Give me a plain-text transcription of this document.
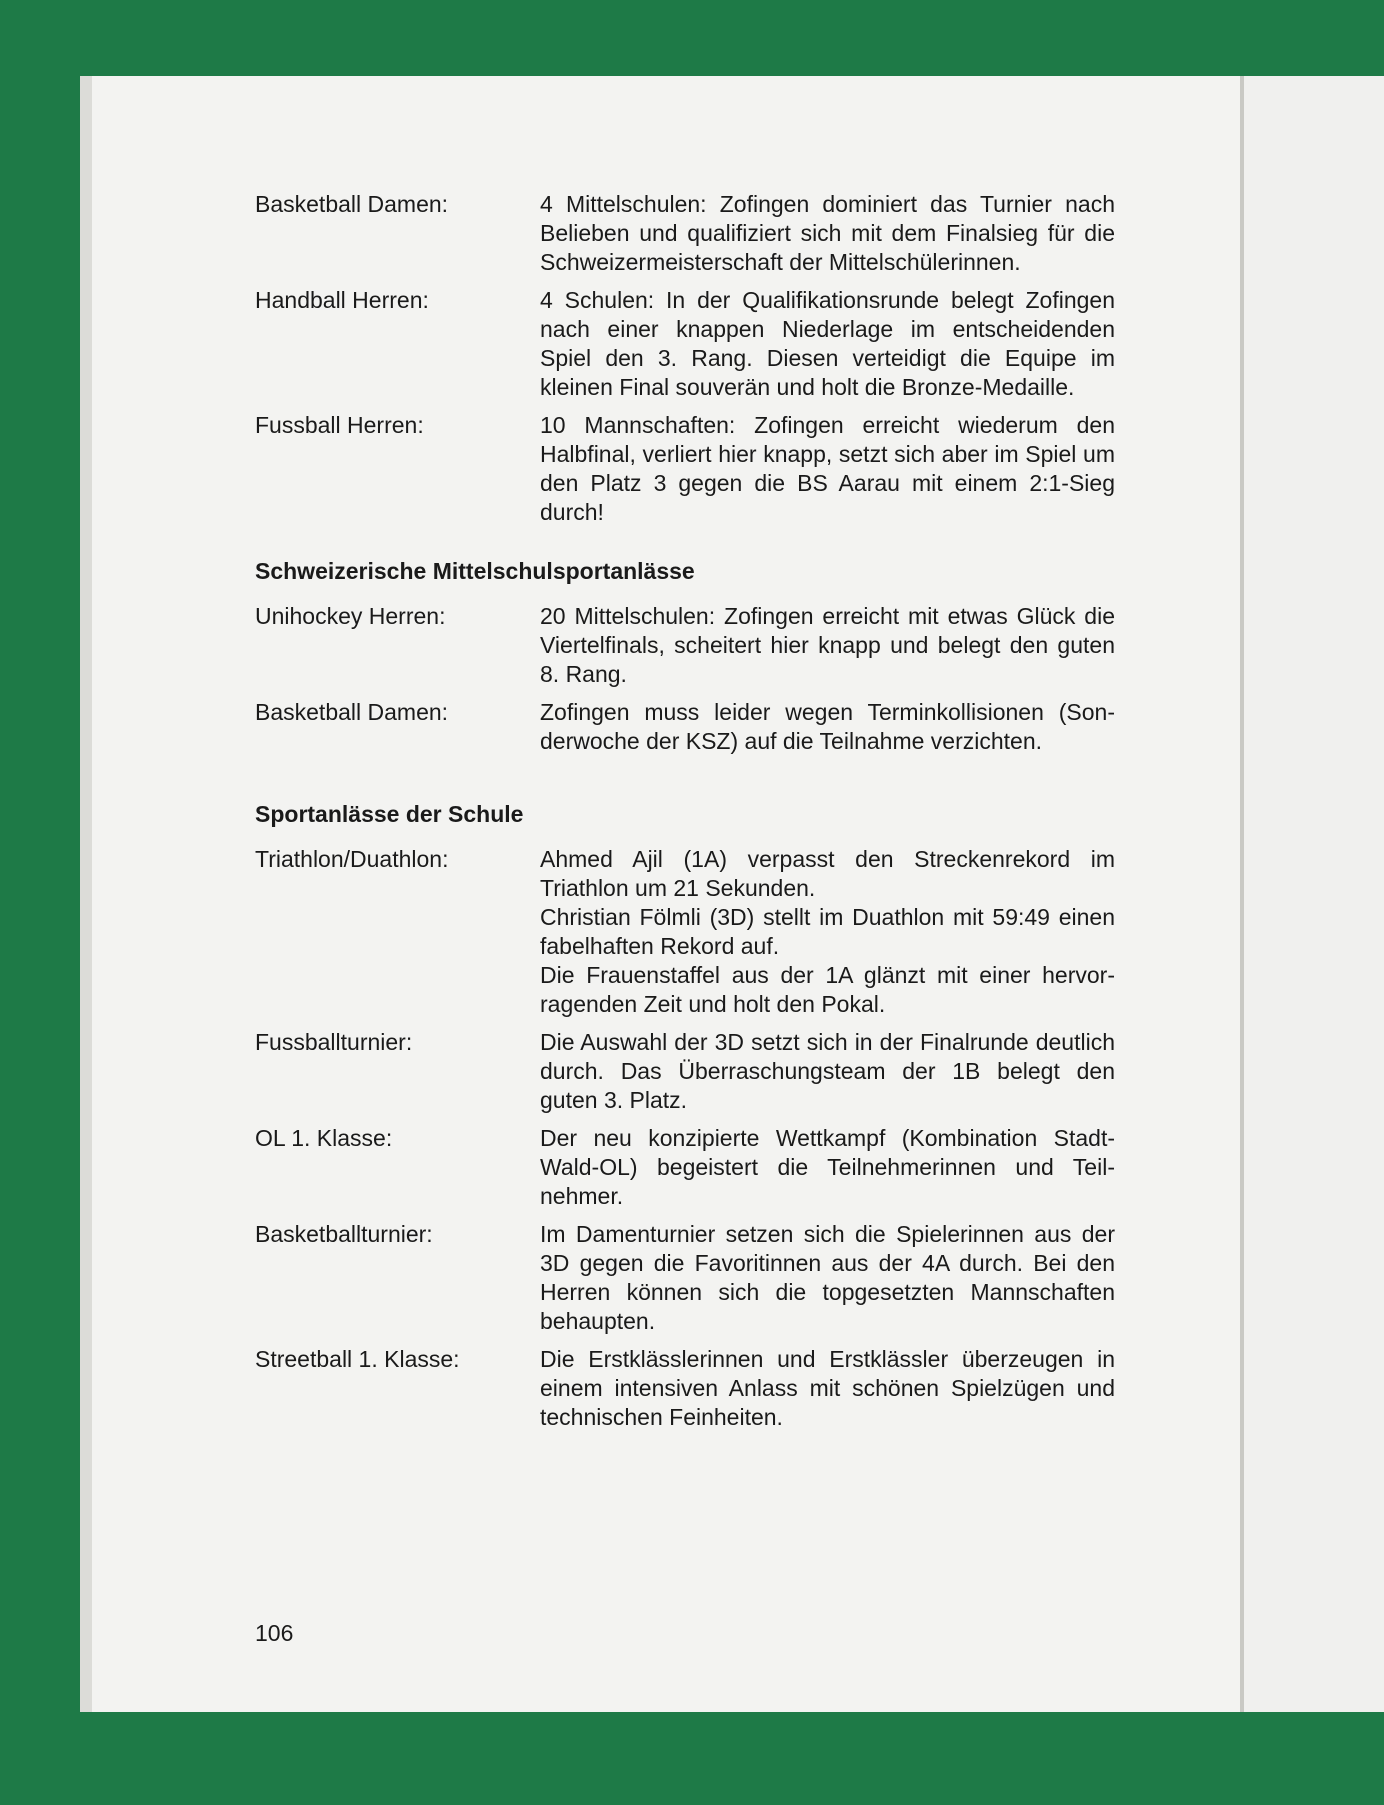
Basketball Damen:	4 Mittelschulen: Zofingen dominiert das Turnier nach Belieben und qualifiziert sich mit dem Finalsieg für die Schweizermeisterschaft der Mittelschülerinnen.

Handball Herren:	4 Schulen: In der Qualifikationsrunde belegt Zofingen nach einer knappen Niederlage im entscheidenden Spiel den 3. Rang. Diesen verteidigt die Equipe im kleinen Final souverän und holt die Bronze-Medaille.

Fussball Herren:	10 Mannschaften: Zofingen erreicht wiederum den Halbfinal, verliert hier knapp, setzt sich aber im Spiel um den Platz 3 gegen die BS Aarau mit einem 2:1-Sieg durch!

Schweizerische Mittelschulsportanlässe
Unihockey Herren:	20 Mittelschulen: Zofingen erreicht mit etwas Glück die Viertelfinals, scheitert hier knapp und belegt den guten 8. Rang.

Basketball Damen:	Zofingen muss leider wegen Terminkollisionen (Sonderwoche der KSZ) auf die Teilnahme verzichten.

Sportanlässe der Schule
Triathlon/Duathlon:	Ahmed Ajil (1A) verpasst den Streckenrekord im Triathlon um 21 Sekunden.

Christian Fölmli (3D) stellt im Duathlon mit 59:49 einen fabelhaften Rekord auf.

Die Frauenstaffel aus der 1A glänzt mit einer hervorragenden Zeit und holt den Pokal.

Fussballturnier:	Die Auswahl der 3D setzt sich in der Finalrunde deutlich durch. Das Überraschungsteam der 1B belegt den guten 3. Platz.

OL 1. Klasse:	Der neu konzipierte Wettkampf (Kombination Stadt-Wald-OL) begeistert die Teilnehmerinnen und Teilnehmer.

Basketballturnier:	Im Damenturnier setzen sich die Spielerinnen aus der 3D gegen die Favoritinnen aus der 4A durch. Bei den Herren können sich die topgesetzten Mannschaften behaupten.

Streetball 1. Klasse:	Die Erstklässlerinnen und Erstklässler überzeugen in einem intensiven Anlass mit schönen Spielzügen und technischen Feinheiten.

106
